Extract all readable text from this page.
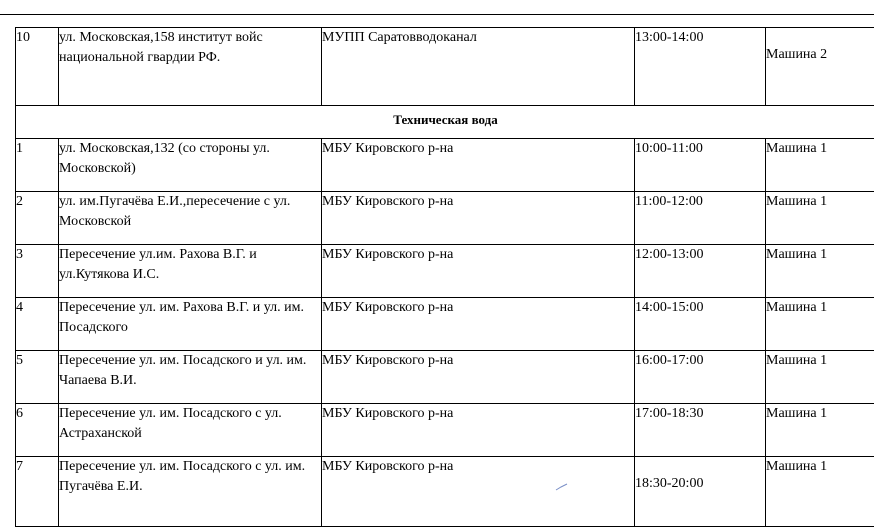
10	ул. Московская,158 институт войс национальной гвардии РФ.	МУПП Саратовводоканал	13:00-14:00	Машина 2
Техническая вода				
1	ул. Московская,132 (со стороны ул. Московской)	МБУ Кировского р-на	10:00-11:00	Машина 1
2	ул. им.Пугачёва Е.И.,пересечение с ул. Московской	МБУ Кировского р-на	11:00-12:00	Машина 1
3	Пересечение ул.им. Рахова В.Г. и ул.Кутякова И.С.	МБУ Кировского р-на	12:00-13:00	Машина 1
4	Пересечение ул. им. Рахова В.Г. и ул. им. Посадского	МБУ Кировского р-на	14:00-15:00	Машина 1
5	Пересечение ул. им. Посадского и ул. им. Чапаева В.И.	МБУ Кировского р-на	16:00-17:00	Машина 1
6	Пересечение ул. им. Посадского с ул. Астраханской	МБУ Кировского р-на	17:00-18:30	Машина 1
7	Пересечение ул. им. Посадского с ул. им. Пугачёва Е.И.	МБУ Кировского р-на	18:30-20:00	Машина 1
